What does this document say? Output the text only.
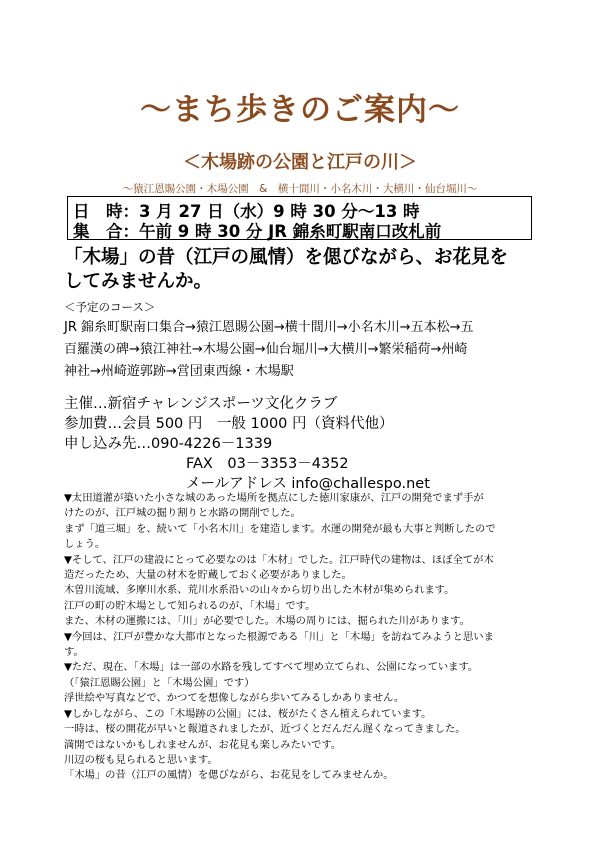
～まち歩きのご案内～
＜木場跡の公園と江戸の川＞
～猿江恩賜公園・木場公園　&　横十間川・小名木川・大横川・仙台堀川～
日　時：3 月 27 日（水）9 時 30 分～13 時
集　合：午前 9 時 30 分 JR 錦糸町駅南口改札前
「木場」の昔（江戸の風情）を偲びながら、お花見を
してみませんか。
＜予定のコース＞
JR 錦糸町駅南口集合→猿江恩賜公園→横十間川→小名木川→五本松→五
百羅漢の碑→猿江神社→木場公園→仙台堀川→大横川→繁栄稲荷→州崎
神社→州崎遊郭跡→営団東西線・木場駅
主催…新宿チャレンジスポーツ文化クラブ
参加費…会員 500 円　一般 1000 円（資料代他）
申し込み先…090-4226－1339
FAX　03－3353－4352
メールアドレス info@challespo.net

▼太田道灌が築いた小さな城のあった場所を拠点にした徳川家康が、江戸の開発でまず手が

けたのが、江戸城の掘り割りと水路の開削でした。

まず「道三堀」を、続いて「小名木川」を建造します。水運の開発が最も大事と判断したので

しょう。

▼そして、江戸の建設にとって必要なのは「木材」でした。江戸時代の建物は、ほぼ全てが木

造だったため、大量の材木を貯蔵しておく必要がありました。

木曽川流域、多摩川水系、荒川水系沿いの山々から切り出した木材が集められます。

江戸の町の貯木場として知られるのが、「木場」です。

また、木材の運搬には、「川」が必要でした。木場の周りには、掘られた川があります。

▼今回は、江戸が豊かな大都市となった根源である「川」と「木場」を訪ねてみようと思いま

す。

▼ただ、現在、「木場」は一部の水路を残してすべて埋め立てられ、公園になっています。

（「猿江恩賜公園」と「木場公園」です）

浮世絵や写真などで、かつてを想像しながら歩いてみるしかありません。

▼しかしながら、この「木場跡の公園」には、桜がたくさん植えられています。

一時は、桜の開花が早いと報道されましたが、近づくとだんだん遅くなってきました。

満開ではないかもしれませんが、お花見も楽しみたいです。

川辺の桜も見られると思います。

「木場」の昔（江戸の風情）を偲びながら、お花見をしてみませんか。
